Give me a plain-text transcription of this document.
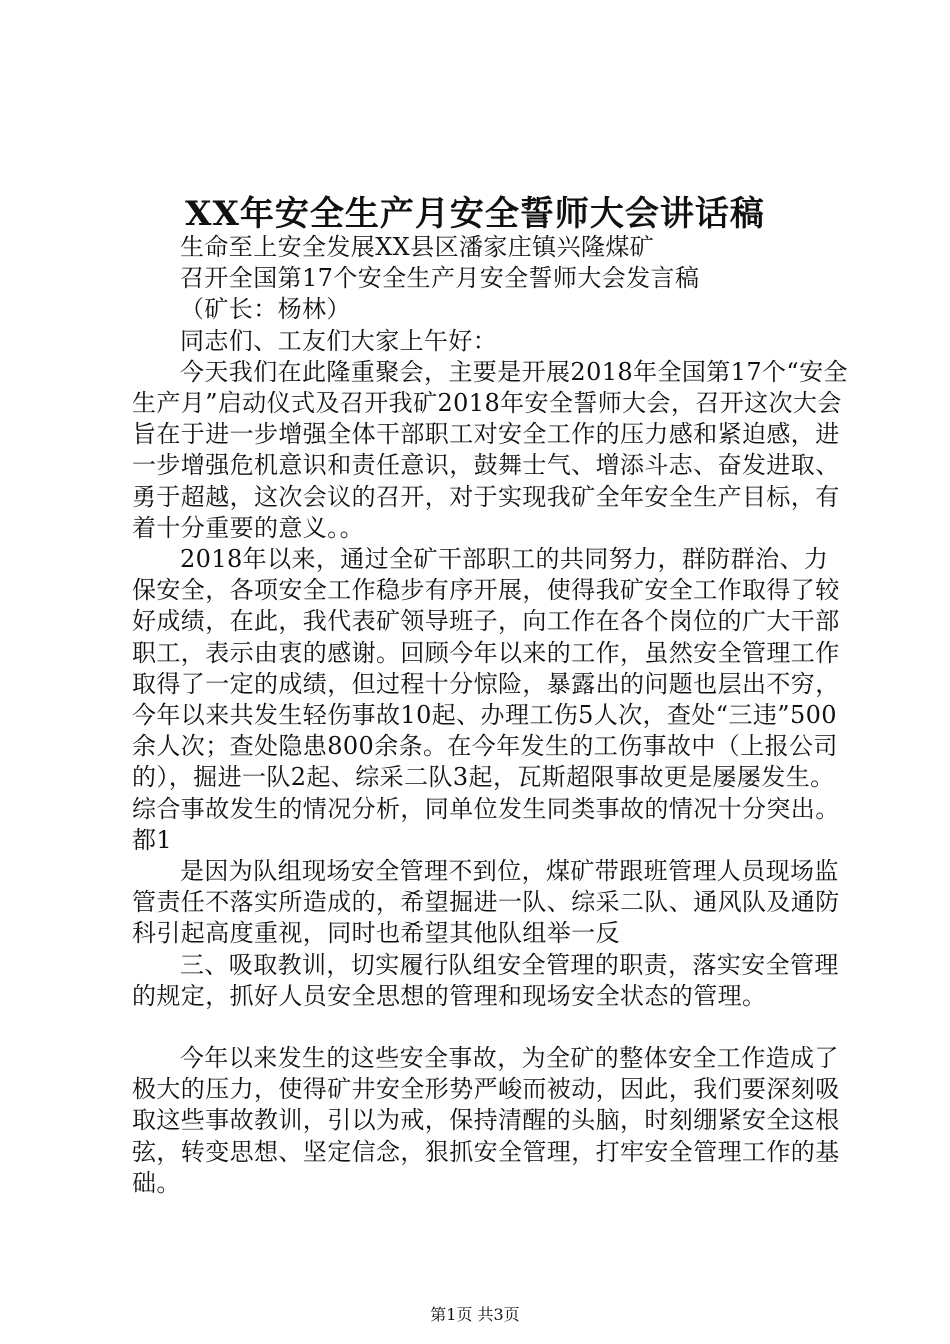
XX年安全生产月安全誓师大会讲话稿

生命至上安全发展XX县区潘家庄镇兴隆煤矿

召开全国第17个安全生产月安全誓师大会发言稿

（矿长：杨林）

同志们、工友们大家上午好：

今天我们在此隆重聚会，主要是开展2018年全国第17个“安全生产月”启动仪式及召开我矿2018年安全誓师大会，召开这次大会旨在于进一步增强全体干部职工对安全工作的压力感和紧迫感，进一步增强危机意识和责任意识，鼓舞士气、增添斗志、奋发进取、勇于超越，这次会议的召开，对于实现我矿全年安全生产目标，有着十分重要的意义。。

2018年以来，通过全矿干部职工的共同努力，群防群治、力保安全，各项安全工作稳步有序开展，使得我矿安全工作取得了较好成绩，在此，我代表矿领导班子，向工作在各个岗位的广大干部职工，表示由衷的感谢。回顾今年以来的工作，虽然安全管理工作取得了一定的成绩，但过程十分惊险，暴露出的问题也层出不穷，今年以来共发生轻伤事故10起、办理工伤5人次，查处“三违”500余人次；查处隐患800余条。在今年发生的工伤事故中（上报公司的），掘进一队2起、综采二队3起，瓦斯超限事故更是屡屡发生。综合事故发生的情况分析，同单位发生同类事故的情况十分突出。都1

是因为队组现场安全管理不到位，煤矿带跟班管理人员现场监管责任不落实所造成的，希望掘进一队、综采二队、通风队及通防科引起高度重视，同时也希望其他队组举一反

三、吸取教训，切实履行队组安全管理的职责，落实安全管理的规定，抓好人员安全思想的管理和现场安全状态的管理。

今年以来发生的这些安全事故，为全矿的整体安全工作造成了极大的压力，使得矿井安全形势严峻而被动，因此，我们要深刻吸取这些事故教训，引以为戒，保持清醒的头脑，时刻绷紧安全这根弦，转变思想、坚定信念，狠抓安全管理，打牢安全管理工作的基础。

第1页 共3页
